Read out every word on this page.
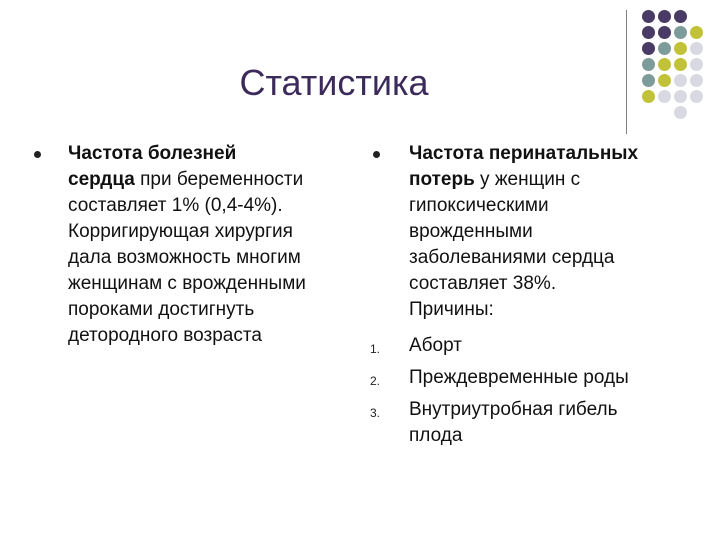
Статистика
Частота болезней
сердца при беременности
составляет 1% (0,4-4%).
Корригирующая хирургия
дала возможность многим
женщинам с врожденными
пороками достигнуть
детородного возраста
Частота перинатальных
потерь у женщин с
гипоксическими
врожденными
заболеваниями сердца
составляет 38%.
Причины:
1. Аборт
2. Преждевременные роды
3. Внутриутробная гибель
плода
